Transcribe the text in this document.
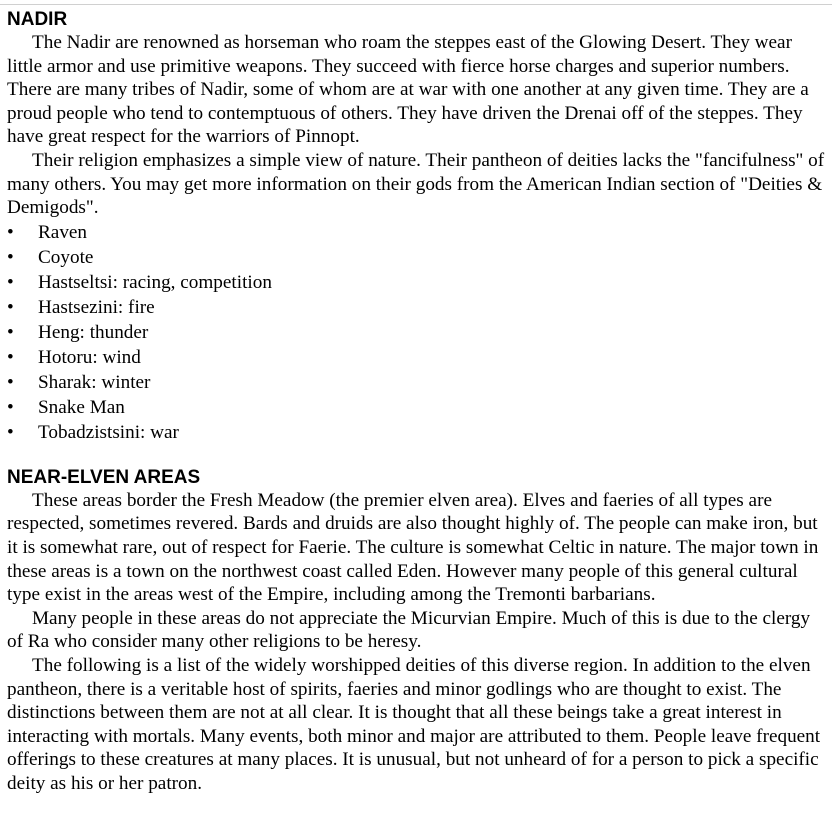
NADIR

The Nadir are renowned as horseman who roam the steppes east of the Glowing Desert. They wear little armor and use primitive weapons. They succeed with fierce horse charges and superior numbers. There are many tribes of Nadir, some of whom are at war with one another at any given time. They are a proud people who tend to contemptuous of others. They have driven the Drenai off of the steppes. They have great respect for the warriors of Pinnopt.

Their religion emphasizes a simple view of nature. Their pantheon of deities lacks the "fancifulness" of many others. You may get more information on their gods from the American Indian section of "Deities & Demigods".

• Raven
• Coyote
• Hastseltsi: racing, competition
• Hastsezini: fire
• Heng: thunder
• Hotoru: wind
• Sharak: winter
• Snake Man
• Tobadzistsini: war
NEAR-ELVEN AREAS

These areas border the Fresh Meadow (the premier elven area). Elves and faeries of all types are respected, sometimes revered. Bards and druids are also thought highly of. The people can make iron, but it is somewhat rare, out of respect for Faerie. The culture is somewhat Celtic in nature. The major town in these areas is a town on the northwest coast called Eden. However many people of this general cultural type exist in the areas west of the Empire, including among the Tremonti barbarians.

Many people in these areas do not appreciate the Micurvian Empire. Much of this is due to the clergy of Ra who consider many other religions to be heresy.

The following is a list of the widely worshipped deities of this diverse region. In addition to the elven pantheon, there is a veritable host of spirits, faeries and minor godlings who are thought to exist. The distinctions between them are not at all clear. It is thought that all these beings take a great interest in interacting with mortals. Many events, both minor and major are attributed to them. People leave frequent offerings to these creatures at many places. It is unusual, but not unheard of for a person to pick a specific deity as his or her patron.
